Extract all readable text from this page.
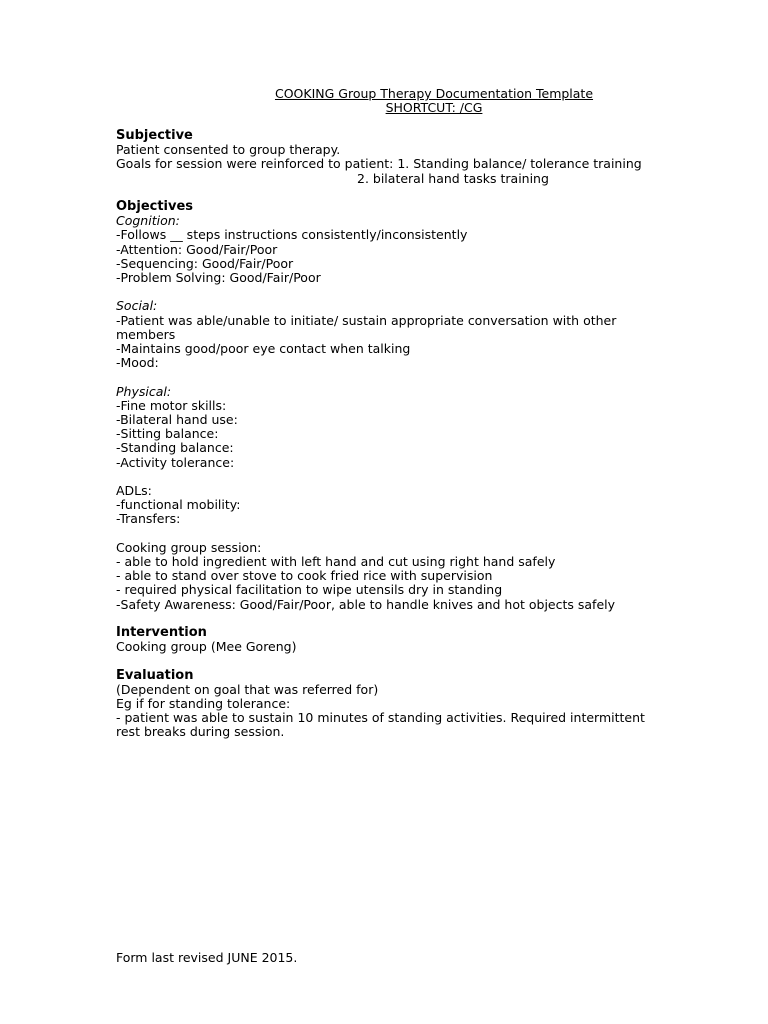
COOKING Group Therapy Documentation Template
SHORTCUT: /CG
Subjective
Patient consented to group therapy.
Goals for session were reinforced to patient: 1. Standing balance/ tolerance training
2. bilateral hand tasks training
Objectives
Cognition:
-Follows __ steps instructions consistently/inconsistently
-Attention: Good/Fair/Poor
-Sequencing: Good/Fair/Poor
-Problem Solving: Good/Fair/Poor
Social:
-Patient was able/unable to initiate/ sustain appropriate conversation with other members
-Maintains good/poor eye contact when talking
-Mood:
Physical:
-Fine motor skills:
-Bilateral hand use:
-Sitting balance:
-Standing balance:
-Activity tolerance:
ADLs:
-functional mobility:
-Transfers:
Cooking group session:
- able to hold ingredient with left hand and cut using right hand safely
- able to stand over stove to cook fried rice with supervision
- required physical facilitation to wipe utensils dry in standing
-Safety Awareness: Good/Fair/Poor, able to handle knives and hot objects safely
Intervention
Cooking group (Mee Goreng)
Evaluation
(Dependent on goal that was referred for)
Eg if for standing tolerance:
- patient was able to sustain 10 minutes of standing activities. Required intermittent rest breaks during session.
Form last revised JUNE 2015.
